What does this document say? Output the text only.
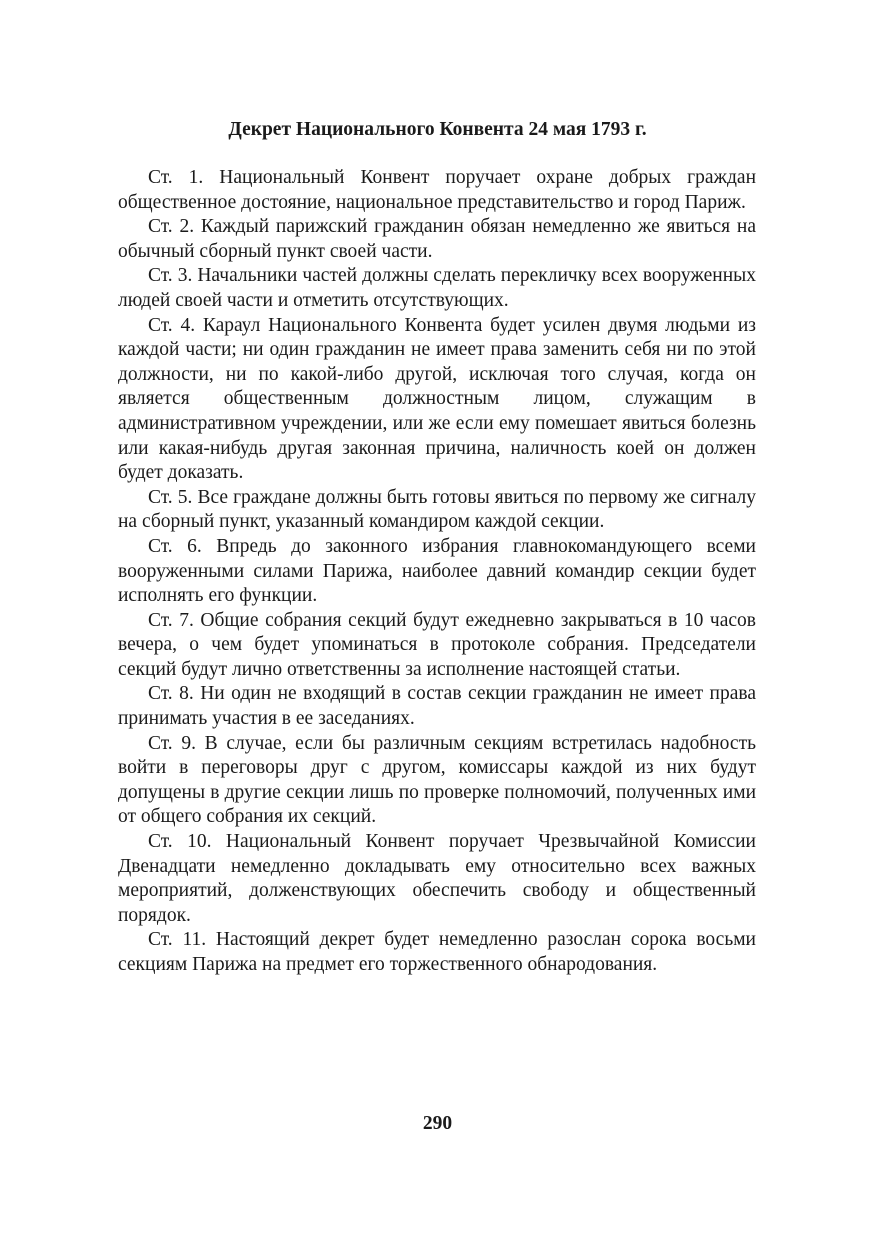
Декрет Национального Конвента 24 мая 1793 г.

Ст. 1. Национальный Конвент поручает охране добрых граждан общественное достояние, национальное представительство и город Париж.

Ст. 2. Каждый парижский гражданин обязан немедленно же явиться на обычный сборный пункт своей части.

Ст. 3. Начальники частей должны сделать перекличку всех вооруженных людей своей части и отметить отсутствующих.

Ст. 4. Караул Национального Конвента будет усилен двумя людьми из каждой части; ни один гражданин не имеет права заменить себя ни по этой должности, ни по какой-либо другой, исключая того случая, когда он является общественным должностным лицом, служащим в административном учреждении, или же если ему помешает явиться болезнь или какая-нибудь другая законная причина, наличность коей он должен будет доказать.

Ст. 5. Все граждане должны быть готовы явиться по первому же сигналу на сборный пункт, указанный командиром каждой секции.

Ст. 6. Впредь до законного избрания главнокомандующего всеми вооруженными силами Парижа, наиболее давний командир секции будет исполнять его функции.

Ст. 7. Общие собрания секций будут ежедневно закрываться в 10 часов вечера, о чем будет упоминаться в протоколе собрания. Председатели секций будут лично ответственны за исполнение настоящей статьи.

Ст. 8. Ни один не входящий в состав секции гражданин не имеет права принимать участия в ее заседаниях.

Ст. 9. В случае, если бы различным секциям встретилась надобность войти в переговоры друг с другом, комиссары каждой из них будут допущены в другие секции лишь по проверке полномочий, полученных ими от общего собрания их секций.

Ст. 10. Национальный Конвент поручает Чрезвычайной Комиссии Двенадцати немедленно докладывать ему относительно всех важных мероприятий, долженствующих обеспечить свободу и общественный порядок.

Ст. 11. Настоящий декрет будет немедленно разослан сорока восьми секциям Парижа на предмет его торжественного обнародования.

290
